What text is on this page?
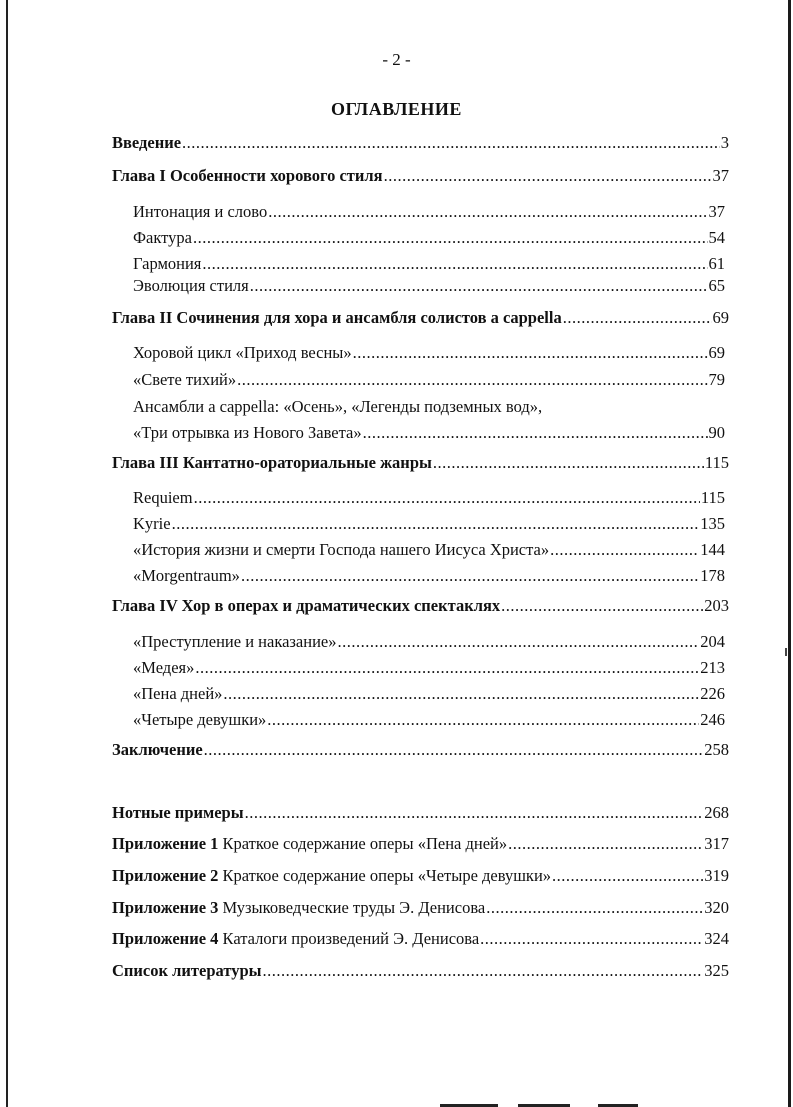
- 2 -
ОГЛАВЛЕНИЕ
Введение .....	3
Глава I Особенности хорового стиля .....	37
Интонация и слово .....	37
Фактура .....	54
Гармония .....	61
Эволюция стиля .....	65
Глава II Сочинения для хора и ансамбля солистов a cappella .....	69
Хоровой цикл «Приход весны» .....	69
«Свете тихий» .....	79
Ансамбли a cappella: «Осень», «Легенды подземных вод»,
«Три отрывка из Нового Завета» .....	90
Глава III Кантатно-ораториальные жанры .....	115
Requiem .....	115
Kyrie .....	135
«История жизни и смерти Господа нашего Иисуса Христа» .....	144
«Morgentraum» .....	178
Глава IV Хор в операх и драматических спектаклях .....	203
«Преступление и наказание» .....	204
«Медея» .....	213
«Пена дней» .....	226
«Четыре девушки» .....	246
Заключение .....	258
Нотные примеры .....	268
Приложение 1 Краткое содержание оперы «Пена дней» .....	317
Приложение 2 Краткое содержание оперы «Четыре девушки» .....	319
Приложение 3 Музыковедческие труды Э. Денисова .....	320
Приложение 4 Каталоги произведений Э. Денисова .....	324
Список литературы .....	325
